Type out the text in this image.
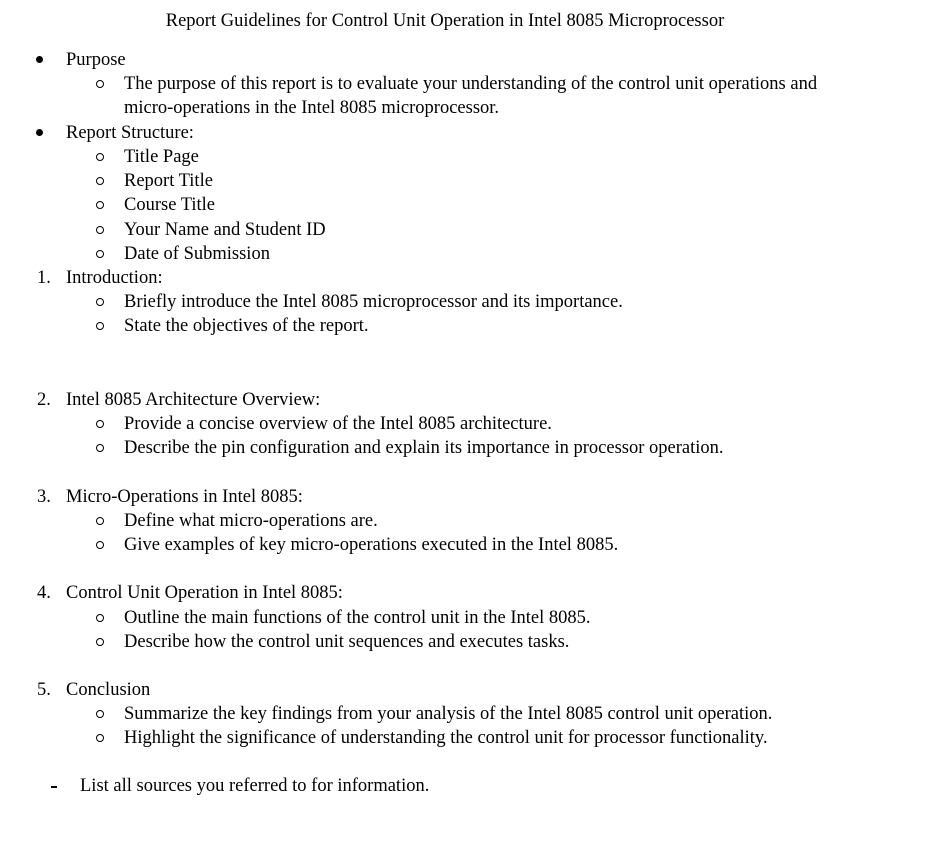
Report Guidelines for Control Unit Operation in Intel 8085 Microprocessor
Purpose
The purpose of this report is to evaluate your understanding of the control unit operations and
micro-operations in the Intel 8085 microprocessor.
Report Structure:
Title Page
Report Title
Course Title
Your Name and Student ID
Date of Submission
1. Introduction:
Briefly introduce the Intel 8085 microprocessor and its importance.
State the objectives of the report.
2. Intel 8085 Architecture Overview:
Provide a concise overview of the Intel 8085 architecture.
Describe the pin configuration and explain its importance in processor operation.
3. Micro-Operations in Intel 8085:
Define what micro-operations are.
Give examples of key micro-operations executed in the Intel 8085.
4. Control Unit Operation in Intel 8085:
Outline the main functions of the control unit in the Intel 8085.
Describe how the control unit sequences and executes tasks.
5. Conclusion
Summarize the key findings from your analysis of the Intel 8085 control unit operation.
Highlight the significance of understanding the control unit for processor functionality.
List all sources you referred to for information.
